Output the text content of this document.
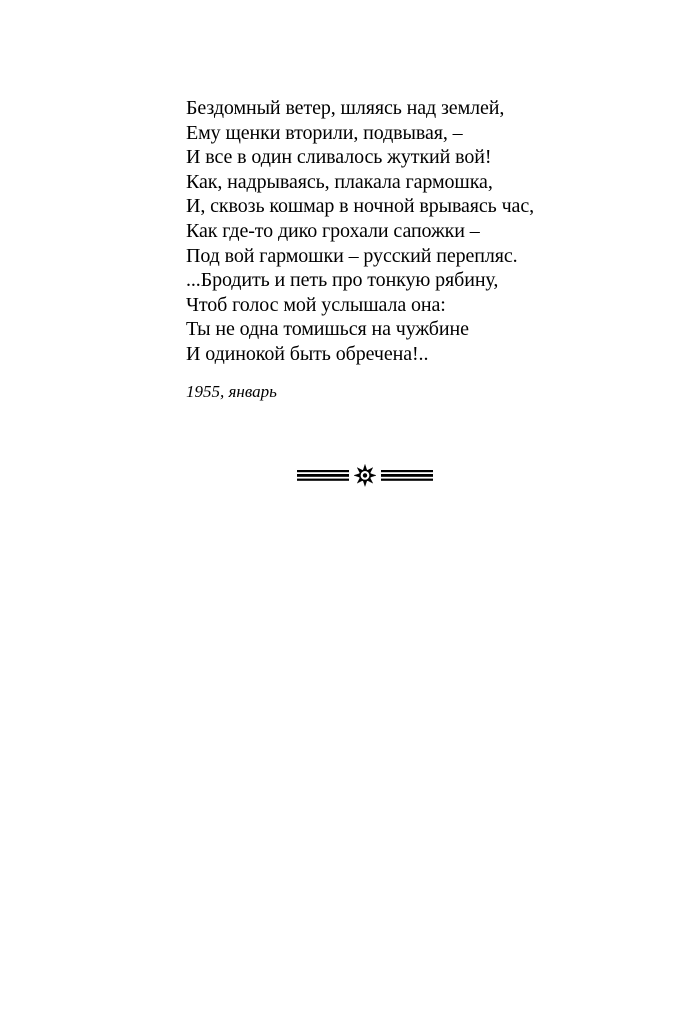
Бездомный ветер, шляясь над землей,
Ему щенки вторили, подвывая, –
И все в один сливалось жуткий вой!
Как, надрываясь, плакала гармошка,
И, сквозь кошмар в ночной врываясь час,
Как где-то дико грохали сапожки –
Под вой гармошки – русский перепляс.
...Бродить и петь про тонкую рябину,
Чтоб голос мой услышала она:
Ты не одна томишься на чужбине
И одинокой быть обречена!..
1955, январь
